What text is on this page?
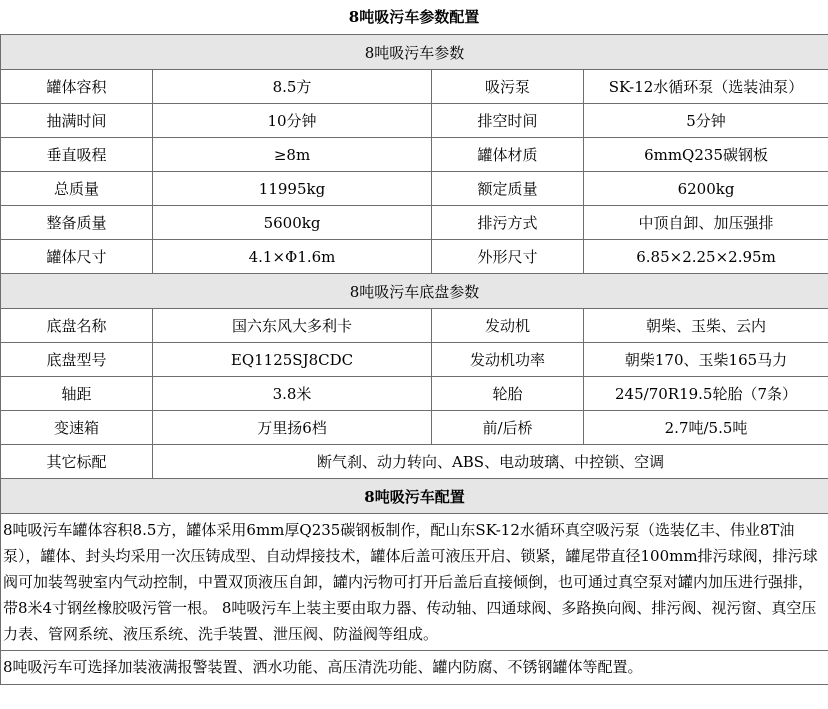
8吨吸污车参数配置
8吨吸污车参数			
罐体容积	8.5方	吸污泵	SK-12水循环泵（选装油泵）
抽满时间	10分钟	排空时间	5分钟
垂直吸程	≥8m	罐体材质	6mmQ235碳钢板
总质量	11995kg	额定质量	6200kg
整备质量	5600kg	排污方式	中顶自卸、加压强排
罐体尺寸	4.1×Φ1.6m	外形尺寸	6.85×2.25×2.95m
8吨吸污车底盘参数			
底盘名称	国六东风大多利卡	发动机	朝柴、玉柴、云内
底盘型号	EQ1125SJ8CDC	发动机功率	朝柴170、玉柴165马力
轴距	3.8米	轮胎	245/70R19.5轮胎（7条）
变速箱	万里扬6档	前/后桥	2.7吨/5.5吨
其它标配	断气刹、动力转向、ABS、电动玻璃、中控锁、空调		
8吨吸污车配置			
8吨吸污车罐体容积8.5方，罐体采用6mm厚Q235碳钢板制作，配山东SK-12水循环真空吸污泵（选装亿丰、伟业8T油泵），罐体、封头均采用一次压铸成型、自动焊接技术，罐体后盖可液压开启、锁紧，罐尾带直径100mm排污球阀，排污球阀可加装驾驶室内气动控制，中置双顶液压自卸，罐内污物可打开后盖后直接倾倒，也可通过真空泵对罐内加压进行强排，带8米4寸钢丝橡胶吸污管一根。 8吨吸污车上装主要由取力器、传动轴、四通球阀、多路换向阀、排污阀、视污窗、真空压力表、管网系统、液压系统、洗手装置、泄压阀、防溢阀等组成。			
8吨吸污车可选择加装液满报警装置、洒水功能、高压清洗功能、罐内防腐、不锈钢罐体等配置。			
